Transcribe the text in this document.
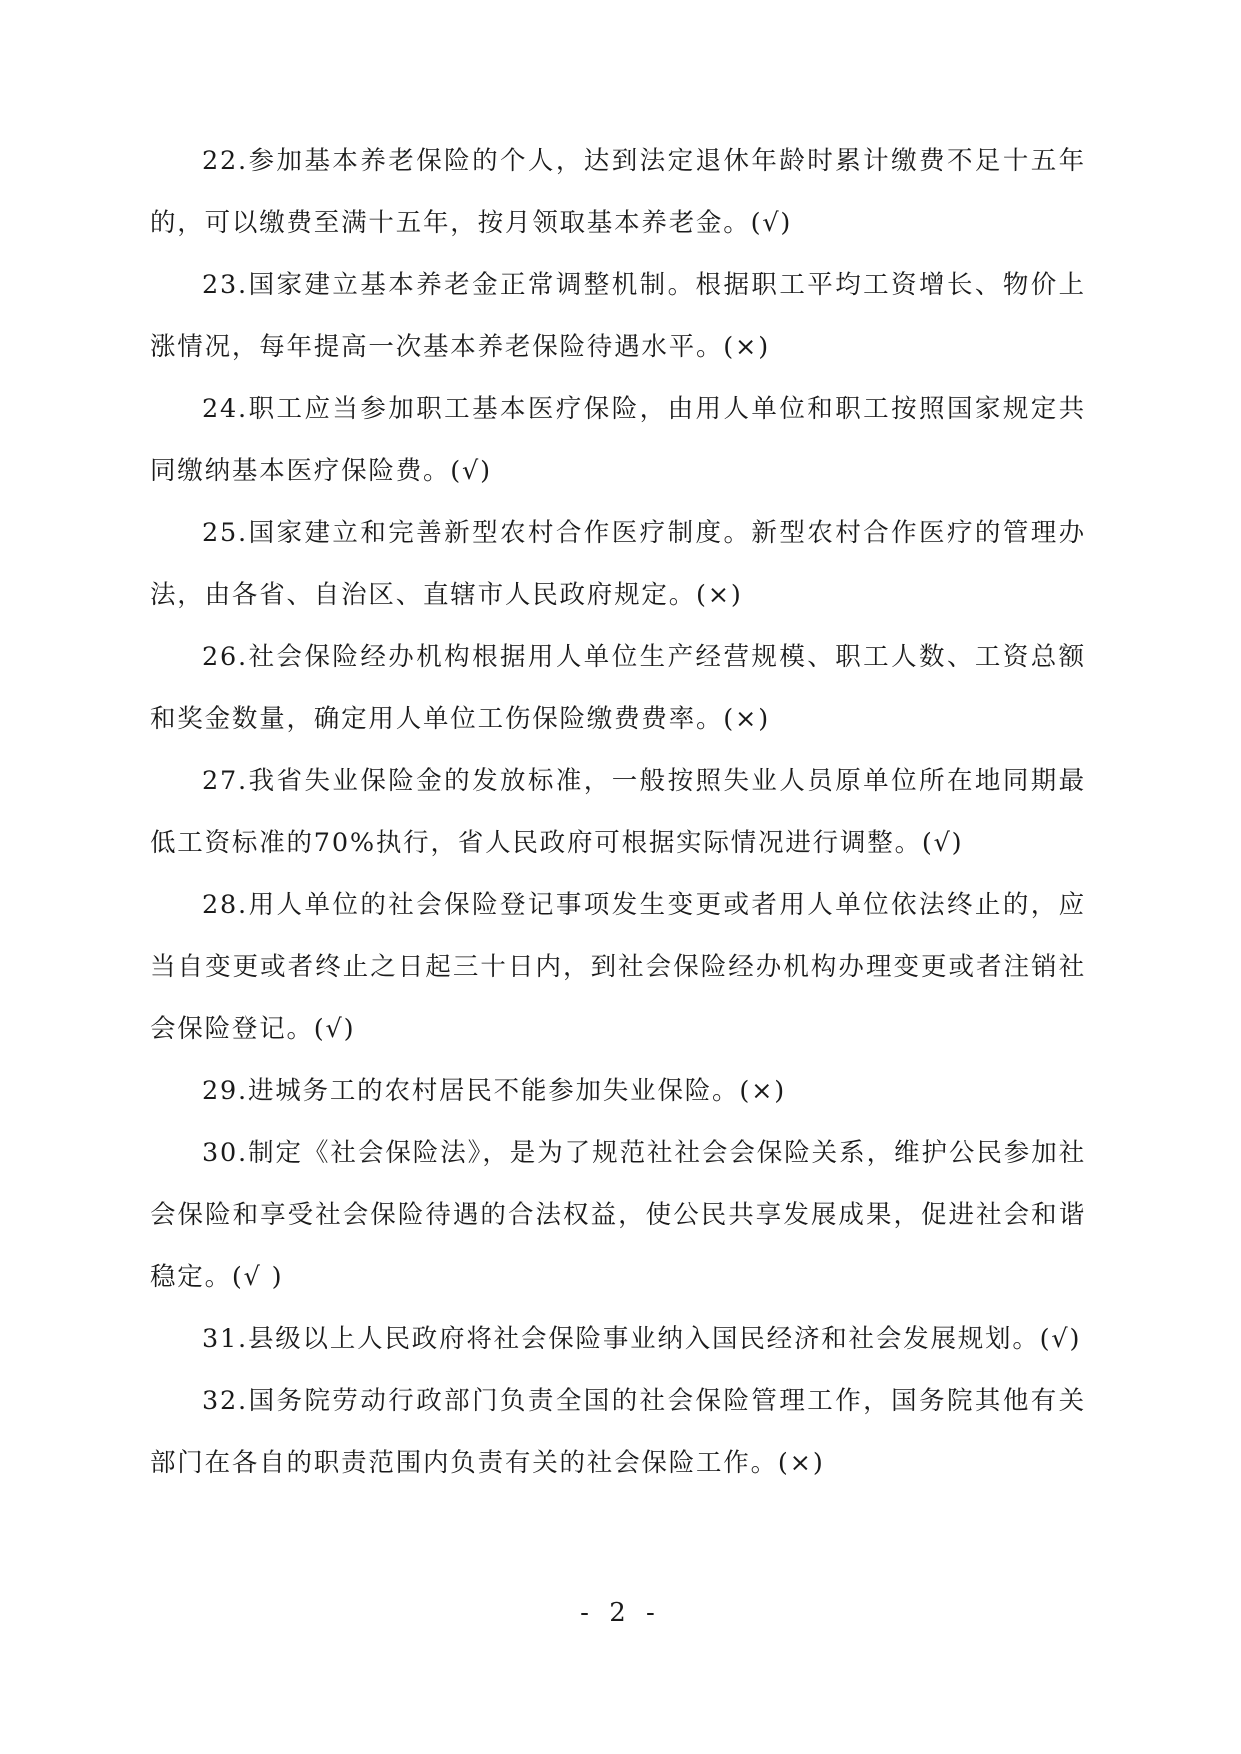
22.参加基本养老保险的个人，达到法定退休年龄时累计缴费不足十五年的，可以缴费至满十五年，按月领取基本养老金。(√)

23.国家建立基本养老金正常调整机制。根据职工平均工资增长、物价上涨情况，每年提高一次基本养老保险待遇水平。(×)

24.职工应当参加职工基本医疗保险，由用人单位和职工按照国家规定共同缴纳基本医疗保险费。(√)

25.国家建立和完善新型农村合作医疗制度。新型农村合作医疗的管理办法，由各省、自治区、直辖市人民政府规定。(×)

26.社会保险经办机构根据用人单位生产经营规模、职工人数、工资总额和奖金数量，确定用人单位工伤保险缴费费率。(×)

27.我省失业保险金的发放标准，一般按照失业人员原单位所在地同期最低工资标准的70%执行，省人民政府可根据实际情况进行调整。(√)

28.用人单位的社会保险登记事项发生变更或者用人单位依法终止的，应当自变更或者终止之日起三十日内，到社会保险经办机构办理变更或者注销社会保险登记。(√)

29.进城务工的农村居民不能参加失业保险。(×)

30.制定《社会保险法》，是为了规范社社会会保险关系，维护公民参加社会保险和享受社会保险待遇的合法权益，使公民共享发展成果，促进社会和谐稳定。(√ )

31.县级以上人民政府将社会保险事业纳入国民经济和社会发展规划。(√)

32.国务院劳动行政部门负责全国的社会保险管理工作，国务院其他有关部门在各自的职责范围内负责有关的社会保险工作。(×)

- 2 -
